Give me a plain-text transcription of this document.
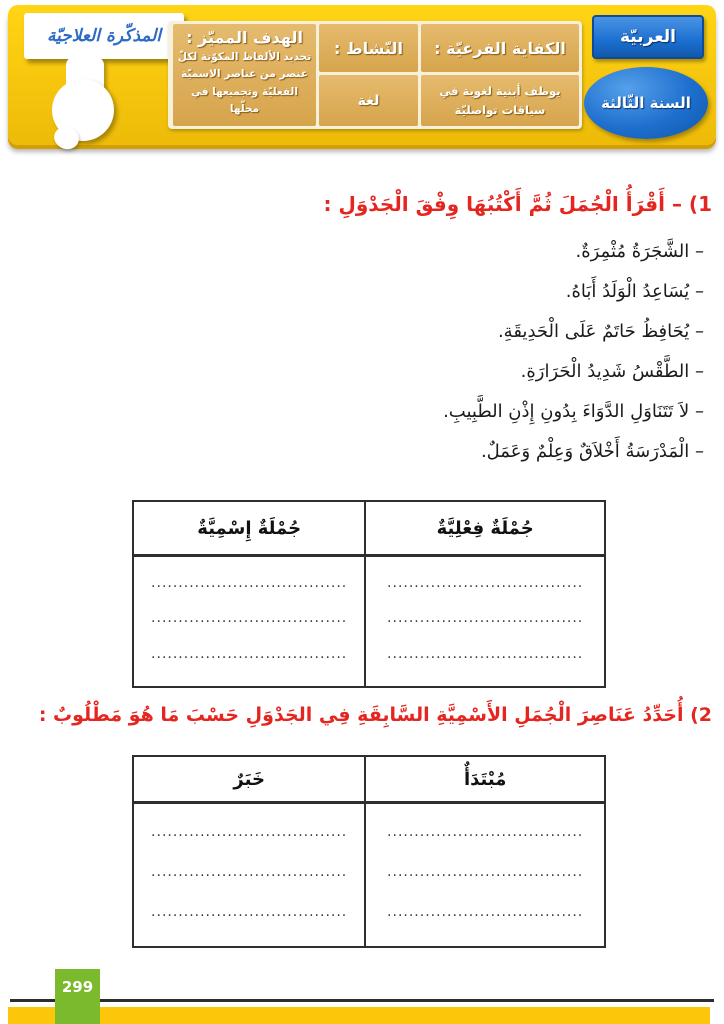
المذكّرة العلاجيّة
الكفاية الفرعيّة :
النّشاط :
الهدف المميّز :
تحديد الألفاظ المكوّنة لكلّ عنصر من عناصر الاسميّة الفعليّة وتجميعها في محلّها
يوظف أبنية لغوية في سياقات تواصليّة
لغة
العربيّة
السنة الثّالثة
1) – أَقْرَأُ الْجُمَلَ ثُمَّ أَكْتُبُهَا وِفْقَ الْجَدْوَلِ :
– الشَّجَرَةُ مُثْمِرَةٌ.
– يُسَاعِدُ الْوَلَدُ أَبَاهُ.
– يُحَافِظُ حَاتَمٌ عَلَى الْحَدِيقَةِ.
– الطَّقْسُ شَدِيدُ الْحَرَارَةِ.
– لاَ تَتَنَاوَلِ الدَّوَاءَ بِدُونِ إِذْنِ الطَّبِيبِ.
– الْمَدْرَسَةُ أَخْلاَقٌ وَعِلْمٌ وَعَمَلٌ.
جُمْلَةٌ فِعْلِيَّةٌ
جُمْلَةٌ إِسْمِيَّةٌ
....................................
....................................
....................................
....................................
....................................
....................................
2) أُحَدِّدُ عَنَاصِرَ الْجُمَلِ الأَسْمِيَّةِ السَّابِقَةِ فِي الجَدْوَلِ حَسْبَ مَا هُوَ مَطْلُوبٌ :
مُبْتَدَأٌ
خَبَرٌ
....................................
....................................
....................................
....................................
....................................
....................................
299
